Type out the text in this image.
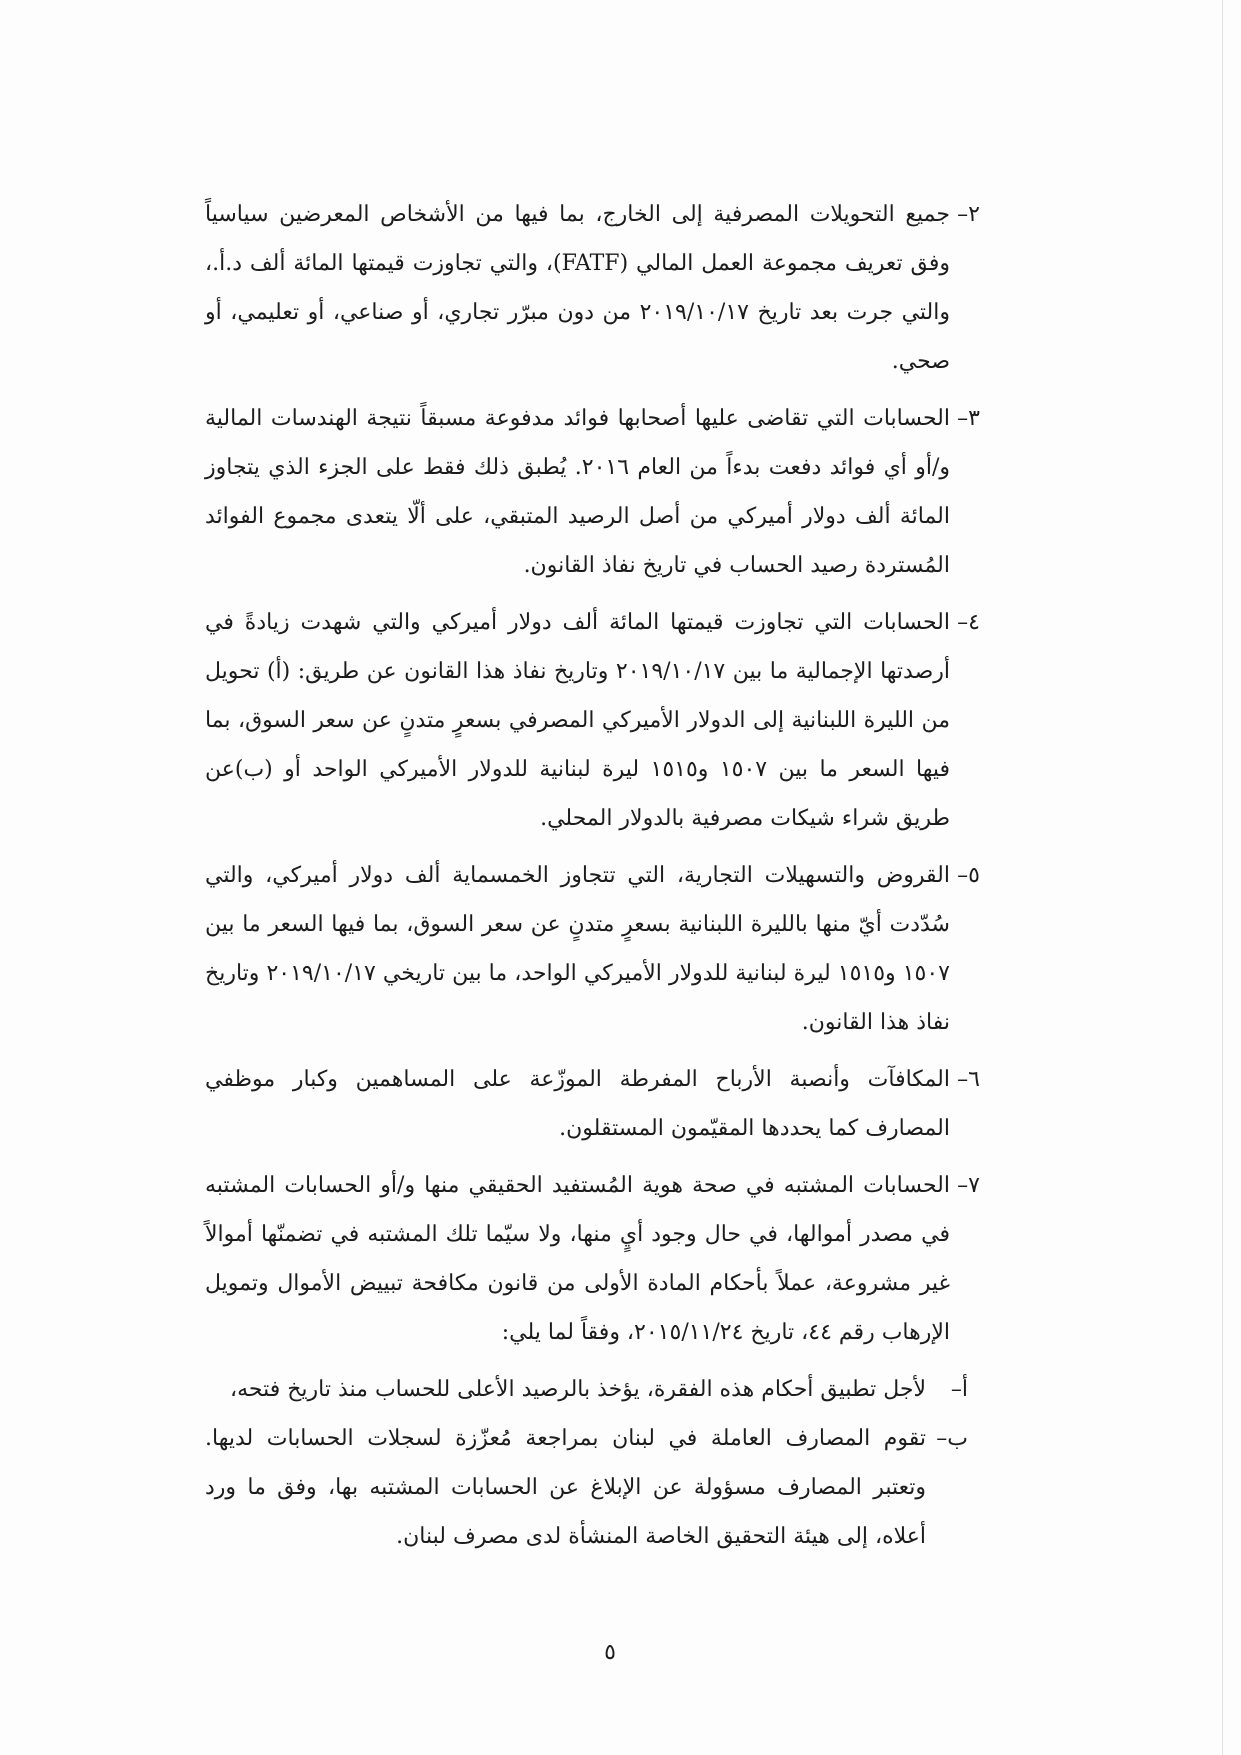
٢–
جميع التحويلات المصرفية إلى الخارج، بما فيها من الأشخاص المعرضين سياسياً وفق تعريف مجموعة العمل المالي (FATF)، والتي تجاوزت قيمتها المائة ألف د.أ.، والتي جرت بعد تاريخ ٢٠١٩/١٠/١٧ من دون مبرّر تجاري، أو صناعي، أو تعليمي، أو صحي.
٣–
الحسابات التي تقاضى عليها أصحابها فوائد مدفوعة مسبقاً نتيجة الهندسات المالية و/أو أي فوائد دفعت بدءاً من العام ٢٠١٦. يُطبق ذلك فقط على الجزء الذي يتجاوز المائة ألف دولار أميركي من أصل الرصيد المتبقي، على ألّا يتعدى مجموع الفوائد المُستردة رصيد الحساب في تاريخ نفاذ القانون.
٤–
الحسابات التي تجاوزت قيمتها المائة ألف دولار أميركي والتي شهدت زيادةً في أرصدتها الإجمالية ما بين ٢٠١٩/١٠/١٧ وتاريخ نفاذ هذا القانون عن طريق: (أ) تحويل من الليرة اللبنانية إلى الدولار الأميركي المصرفي بسعرٍ متدنٍ عن سعر السوق، بما فيها السعر ما بين ١٥٠٧ و١٥١٥ ليرة لبنانية للدولار الأميركي الواحد أو (ب)عن طريق شراء شيكات مصرفية بالدولار المحلي.
٥–
القروض والتسهيلات التجارية، التي تتجاوز الخمسماية ألف دولار أميركي، والتي سُدّدت أيّ منها بالليرة اللبنانية بسعرٍ متدنٍ عن سعر السوق، بما فيها السعر ما بين ١٥٠٧ و١٥١٥ ليرة لبنانية للدولار الأميركي الواحد، ما بين تاريخي ٢٠١٩/١٠/١٧ وتاريخ نفاذ هذا القانون.
٦–
المكافآت وأنصبة الأرباح المفرطة الموزّعة على المساهمين وكبار موظفي المصارف كما يحددها المقيّمون المستقلون.
٧–
الحسابات المشتبه في صحة هوية المُستفيد الحقيقي منها و/أو الحسابات المشتبه في مصدر أموالها، في حال وجود أيٍ منها، ولا سيّما تلك المشتبه في تضمنّها أموالاً غير مشروعة، عملاً بأحكام المادة الأولى من قانون مكافحة تبييض الأموال وتمويل الإرهاب رقم ٤٤، تاريخ ٢٠١٥/١١/٢٤، وفقاً لما يلي:
أ–
لأجل تطبيق أحكام هذه الفقرة، يؤخذ بالرصيد الأعلى للحساب منذ تاريخ فتحه،
ب–
تقوم المصارف العاملة في لبنان بمراجعة مُعزّزة لسجلات الحسابات لديها. وتعتبر المصارف مسؤولة عن الإبلاغ عن الحسابات المشتبه بها، وفق ما ورد أعلاه، إلى هيئة التحقيق الخاصة المنشأة لدى مصرف لبنان.
٥
